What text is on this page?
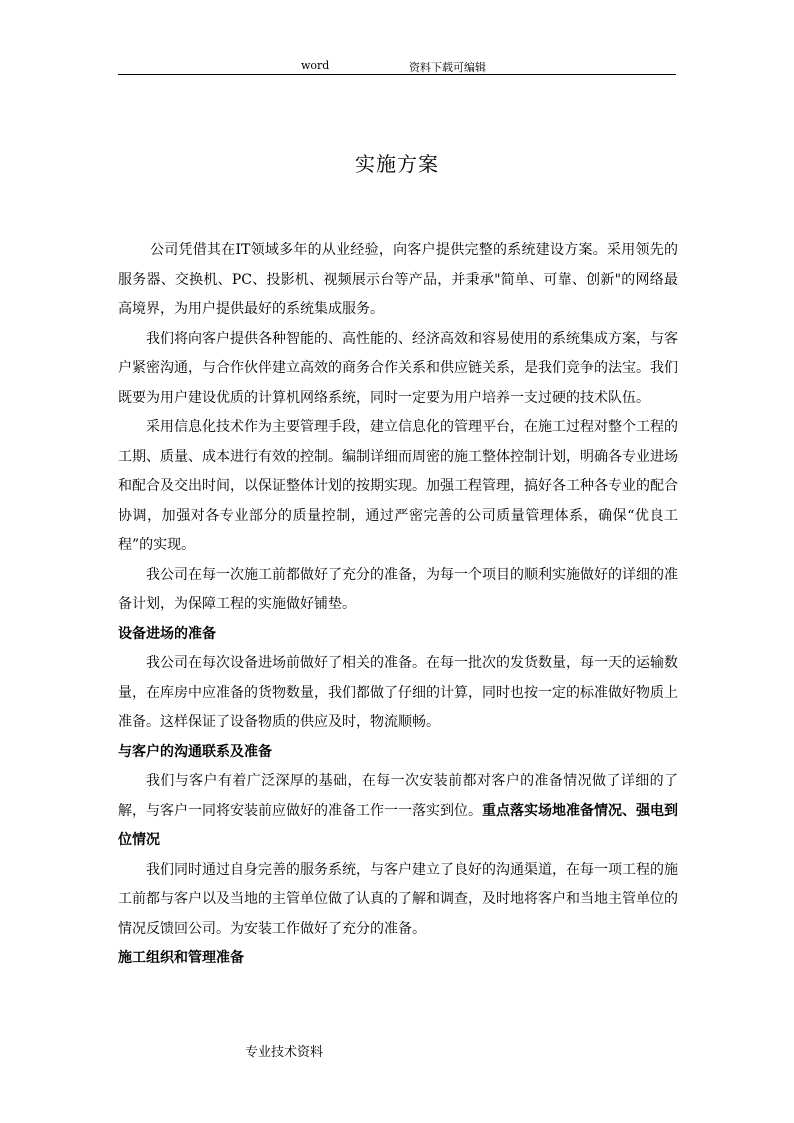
word	资料下载可编辑
实施方案

公司凭借其在IT领域多年的从业经验，向客户提供完整的系统建设方案。采用领先的服务器、交换机、PC、投影机、视频展示台等产品，并秉承"简单、可靠、创新"的网络最高境界，为用户提供最好的系统集成服务。

我们将向客户提供各种智能的、高性能的、经济高效和容易使用的系统集成方案，与客户紧密沟通，与合作伙伴建立高效的商务合作关系和供应链关系，是我们竞争的法宝。我们既要为用户建设优质的计算机网络系统，同时一定要为用户培养一支过硬的技术队伍。

采用信息化技术作为主要管理手段，建立信息化的管理平台，在施工过程对整个工程的工期、质量、成本进行有效的控制。编制详细而周密的施工整体控制计划，明确各专业进场和配合及交出时间，以保证整体计划的按期实现。加强工程管理，搞好各工种各专业的配合协调，加强对各专业部分的质量控制，通过严密完善的公司质量管理体系，确保“优良工程”的实现。

我公司在每一次施工前都做好了充分的准备，为每一个项目的顺利实施做好的详细的准备计划，为保障工程的实施做好铺垫。

设备进场的准备

我公司在每次设备进场前做好了相关的准备。在每一批次的发货数量，每一天的运输数量，在库房中应准备的货物数量，我们都做了仔细的计算，同时也按一定的标准做好物质上准备。这样保证了设备物质的供应及时，物流顺畅。

与客户的沟通联系及准备

我们与客户有着广泛深厚的基础，在每一次安装前都对客户的准备情况做了详细的了解，与客户一同将安装前应做好的准备工作一一落实到位。重点落实场地准备情况、强电到位情况

我们同时通过自身完善的服务系统，与客户建立了良好的沟通渠道，在每一项工程的施工前都与客户以及当地的主管单位做了认真的了解和调查，及时地将客户和当地主管单位的情况反馈回公司。为安装工作做好了充分的准备。

施工组织和管理准备

专业技术资料
